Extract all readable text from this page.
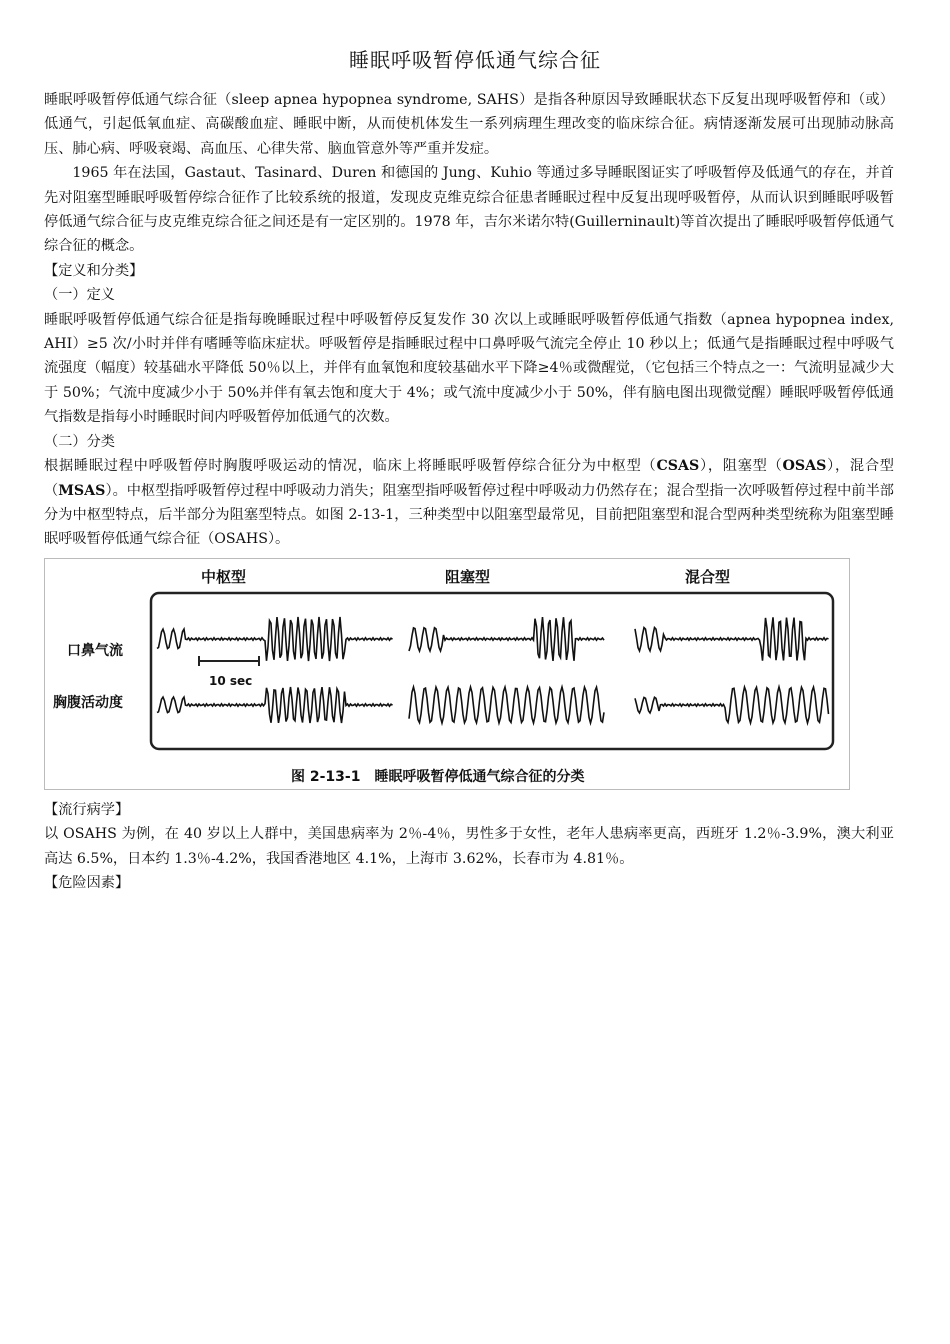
睡眠呼吸暂停低通气综合征

睡眠呼吸暂停低通气综合征（sleep apnea hypopnea syndrome, SAHS）是指各种原因导致睡眠状态下反复出现呼吸暂停和（或）低通气，引起低氧血症、高碳酸血症、睡眠中断，从而使机体发生一系列病理生理改变的临床综合征。病情逐渐发展可出现肺动脉高压、肺心病、呼吸衰竭、高血压、心律失常、脑血管意外等严重并发症。

1965 年在法国，Gastaut、Tasinard、Duren 和德国的 Jung、Kuhio 等通过多导睡眠图证实了呼吸暂停及低通气的存在，并首先对阻塞型睡眠呼吸暂停综合征作了比较系统的报道，发现皮克维克综合征患者睡眠过程中反复出现呼吸暂停，从而认识到睡眠呼吸暂停低通气综合征与皮克维克综合征之间还是有一定区别的。1978 年，吉尔米诺尔特(Guillerninault)等首次提出了睡眠呼吸暂停低通气综合征的概念。

【定义和分类】

（一）定义

睡眠呼吸暂停低通气综合征是指每晚睡眠过程中呼吸暂停反复发作 30 次以上或睡眠呼吸暂停低通气指数（apnea hypopnea index, AHI）≥5 次/小时并伴有嗜睡等临床症状。呼吸暂停是指睡眠过程中口鼻呼吸气流完全停止 10 秒以上；低通气是指睡眠过程中呼吸气流强度（幅度）较基础水平降低 50％以上，并伴有血氧饱和度较基础水平下降≥4％或微醒觉，（它包括三个特点之一：气流明显减少大于 50%；气流中度减少小于 50%并伴有氧去饱和度大于 4%；或气流中度减少小于 50%，伴有脑电图出现微觉醒）睡眠呼吸暂停低通气指数是指每小时睡眠时间内呼吸暂停加低通气的次数。

（二）分类

根据睡眠过程中呼吸暂停时胸腹呼吸运动的情况，临床上将睡眠呼吸暂停综合征分为中枢型（CSAS），阻塞型（OSAS），混合型（MSAS）。中枢型指呼吸暂停过程中呼吸动力消失；阻塞型指呼吸暂停过程中呼吸动力仍然存在；混合型指一次呼吸暂停过程中前半部分为中枢型特点，后半部分为阻塞型特点。如图 2-13-1，三种类型中以阻塞型最常见，目前把阻塞型和混合型两种类型统称为阻塞型睡眠呼吸暂停低通气综合征（OSAHS）。

中枢型	阻塞型	混合型
口鼻气流
胸腹活动度
10 sec
图 2-13-1　睡眠呼吸暂停低通气综合征的分类

【流行病学】

以 OSAHS 为例，在 40 岁以上人群中，美国患病率为 2％-4％，男性多于女性，老年人患病率更高，西班牙 1.2％-3.9%，澳大利亚高达 6.5%，日本约 1.3％-4.2%，我国香港地区 4.1%，上海市 3.62%，长春市为 4.81％。

【危险因素】
